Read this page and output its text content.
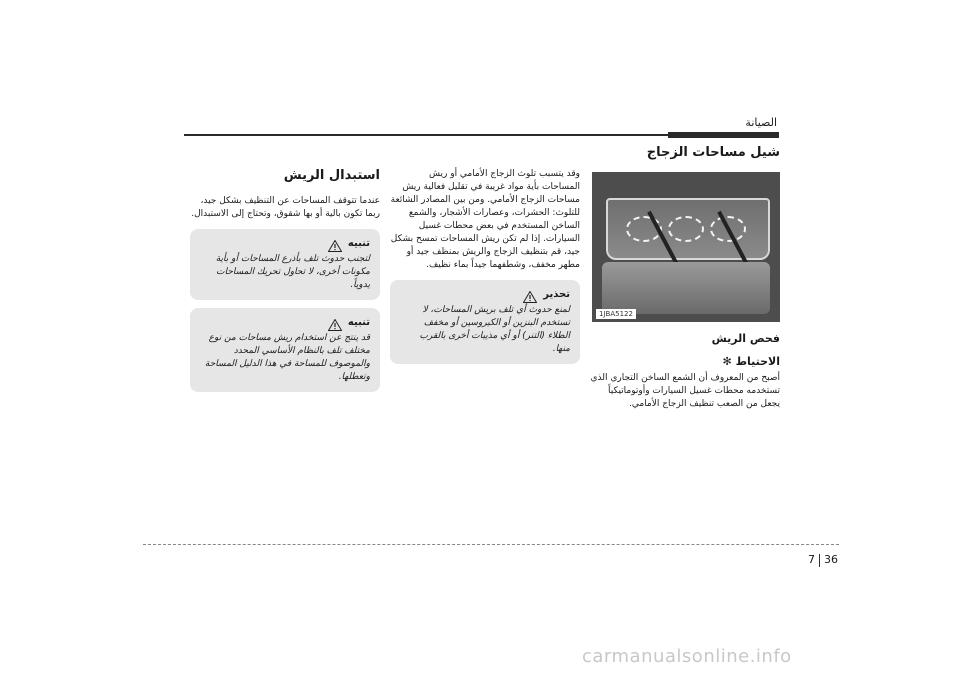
الصيانة
شيل مساحات الزجاج
1JBA5122
فحص الريش
الاحتياط ✻

أصبح من المعروف أن الشمع الساخن التجاري الذي تستخدمه محطات غسيل السيارات وأوتوماتيكياً يجعل من الصعب تنظيف الزجاج الأمامي.

وقد يتسبب تلوث الزجاج الأمامي أو ريش المساحات بأية مواد غريبة في تقليل فعالية ريش مساحات الزجاج الأمامي. ومن بين المصادر الشائعة للتلوث: الحشرات، وعصارات الأشجار، والشمع الساخن المستخدم في بعض محطات غسيل السيارات. إذا لم تكن ريش المساحات تمسح بشكل جيد، قم بتنظيف الزجاج والريش بمنظف جيد أو مطهر مخفف، وشطفهما جيداً بماء نظيف.

تحذير

لمنع حدوث أي تلف بريش المساحات، لا تستخدم البنزين أو الكيروسين أو مخفف الطلاء (التنر) أو أي مذيبات أخرى بالقرب منها.

استبدال الريش

عندما تتوقف المساحات عن التنظيف بشكل جيد، ربما تكون بالية أو بها شقوق، وتحتاج إلى الاستبدال.

تنبيه

لتجنب حدوث تلف بأذرع المساحات أو بأية مكونات أخرى، لا تحاول تحريك المساحات يدوياً.

تنبيه

قد ينتج عن استخدام ريش مساحات من نوع مختلف تلف بالنظام الأساسي المحدد والموصوف للمساحة في هذا الدليل المساحة وتعطلها.

7 36
carmanualsonline.info
